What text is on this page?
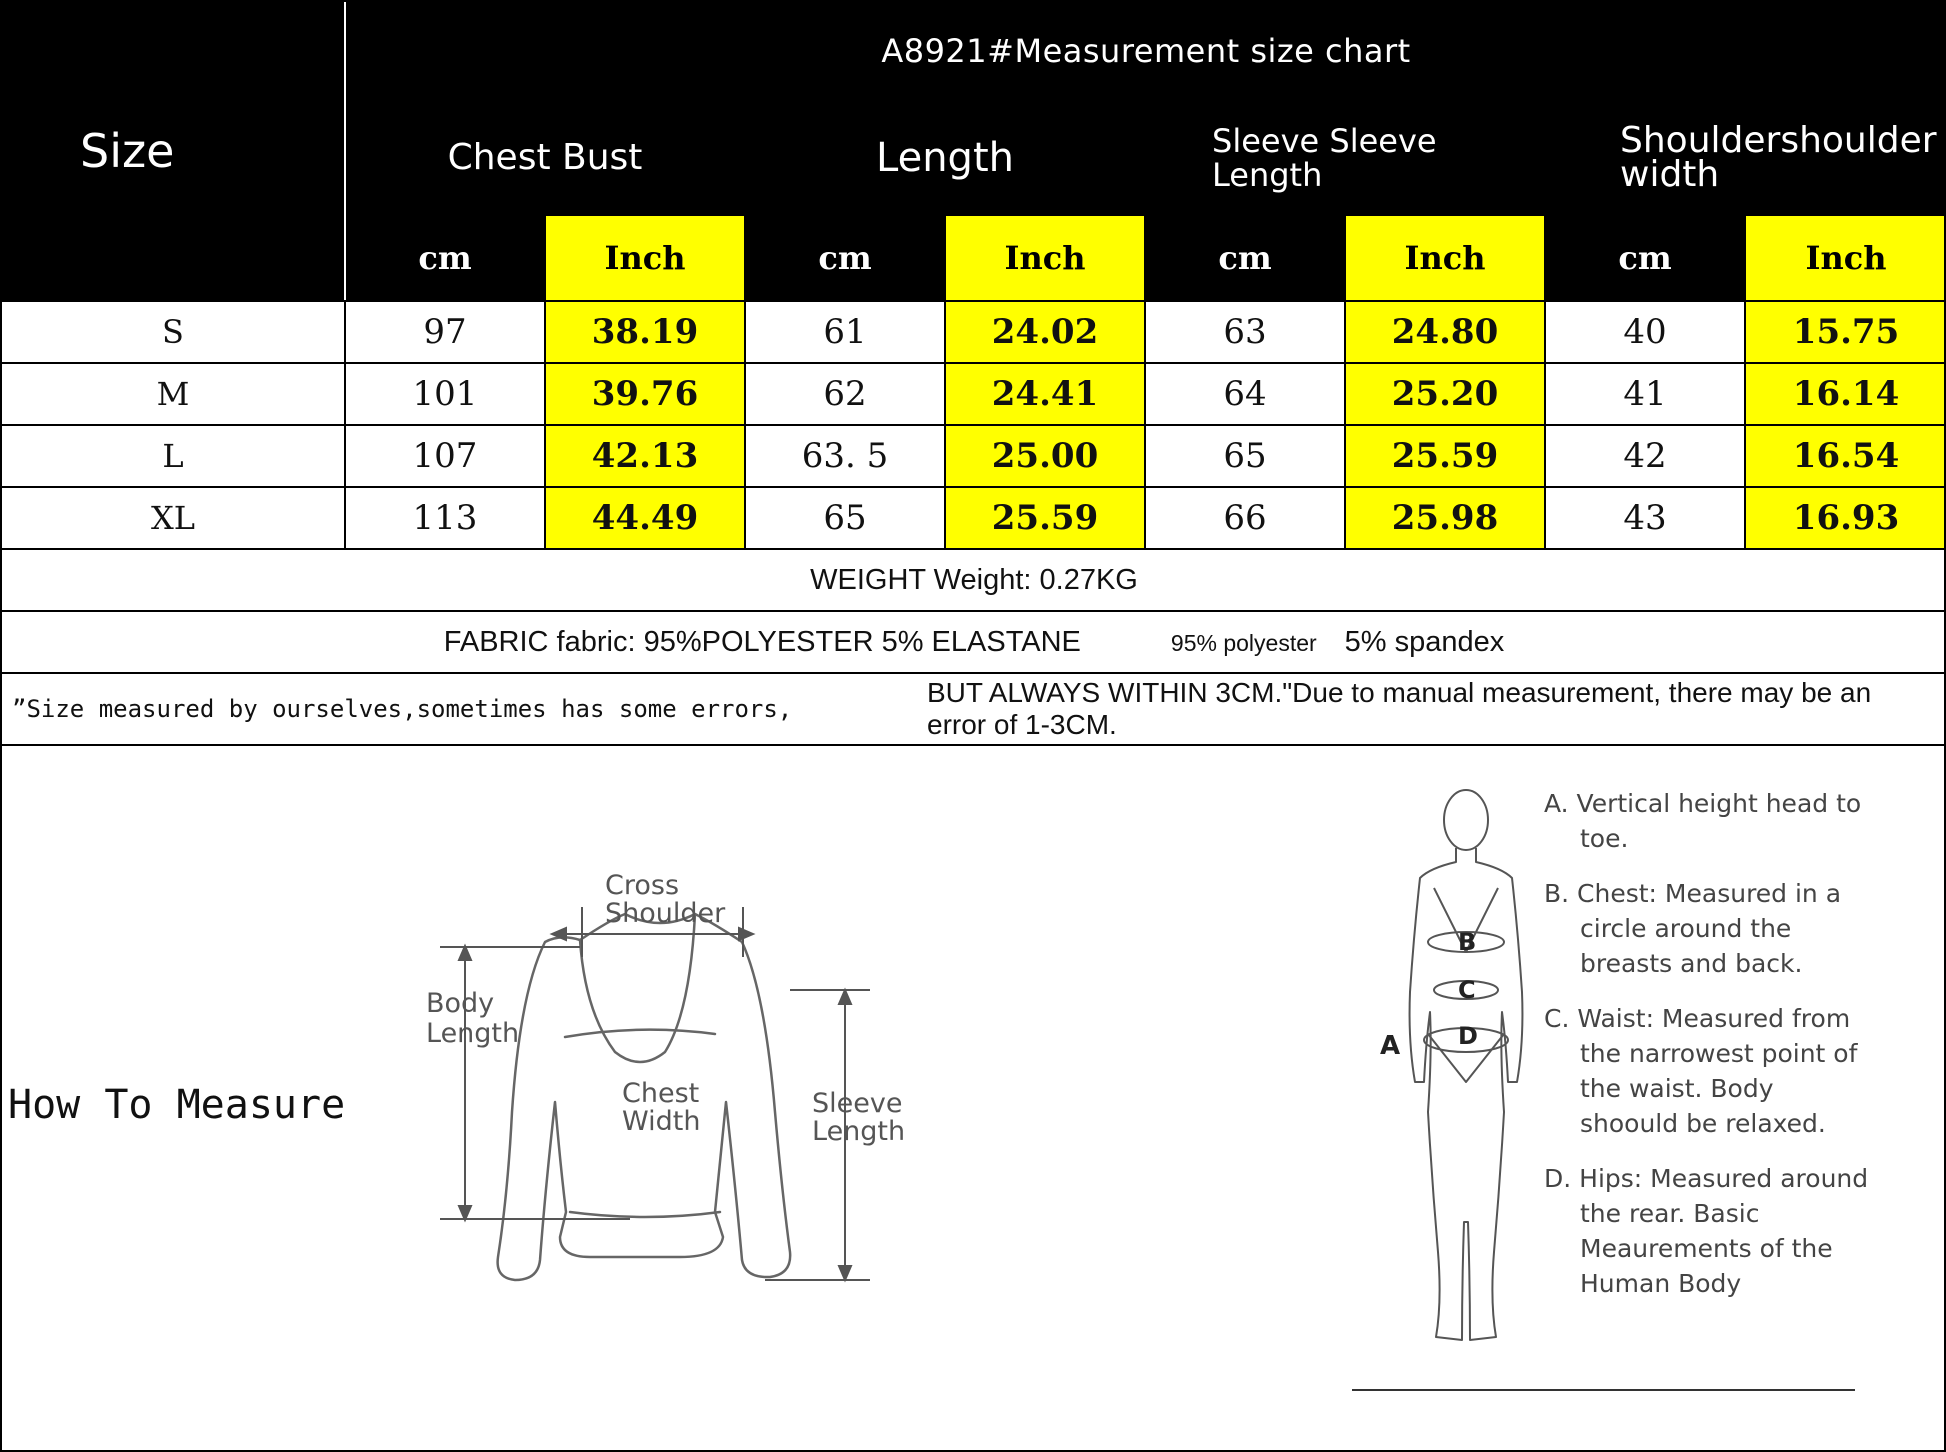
Size	A8921#Measurement size chart							
	Chest Bust		Length		Sleeve Sleeve Length		Shouldershoulder width	
	cm	Inch	cm	Inch	cm	Inch	cm	Inch
S	97	38.19	61	24.02	63	24.80	40	15.75
M	101	39.76	62	24.41	64	25.20	41	16.14
L	107	42.13	63. 5	25.00	65	25.59	42	16.54
XL	113	44.49	65	25.59	66	25.98	43	16.93
WEIGHT Weight: 0.27KG								
FABRIC fabric: 95%POLYESTER 5% ELASTANE 95% polyester 5% spandex								
”Size measured by ourselves,sometimes has some errors,BUT ALWAYS WITHIN 3CM."Due to manual measurement, there may be an error of 1-3CM.								
How To Measure
Cross
Shoulder
Body
Length
Chest
Width
Sleeve
Length
B
C
D
A
A. Vertical height head to toe.
B. Chest: Measured in a circle around the breasts and back.
C. Waist: Measured from the narrowest point of the waist. Body shoould be relaxed.
D. Hips: Measured around the rear. Basic Meaurements of the Human Body
